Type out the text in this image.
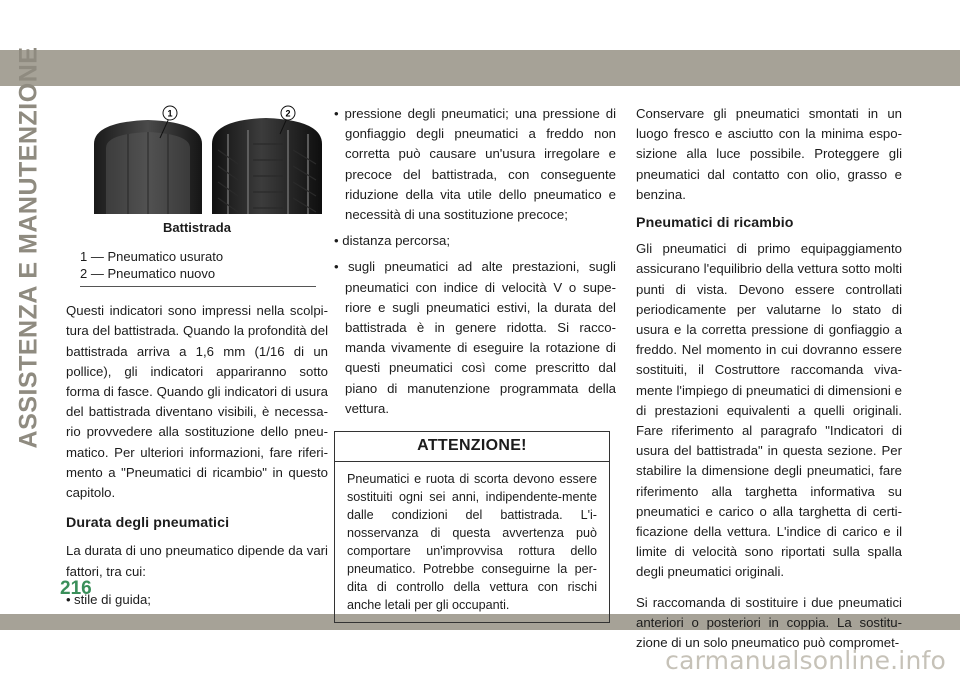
ASSISTENZA E MANUTENZIONE	1	2
Battistrada
1 — Pneumatico usurato
2 — Pneumatico nuovo

Questi indicatori sono impressi nella scolpi-tura del battistrada. Quando la profondità del battistrada arriva a 1,6 mm (1/16 di un pollice), gli indicatori appariranno sotto forma di fasce. Quando gli indicatori di usura del battistrada diventano visibili, è necessa-rio provvedere alla sostituzione dello pneu-matico. Per ulteriori informazioni, fare riferi-mento a "Pneumatici di ricambio" in questo capitolo.

Durata degli pneumatici

La durata di uno pneumatico dipende da vari fattori, tra cui:

• stile di guida;
• pressione degli pneumatici; una pressione di gonfiaggio degli pneumatici a freddo non corretta può causare un'usura irregolare e precoce del battistrada, con conseguente riduzione della vita utile dello pneumatico e necessità di una sostituzione precoce;
• distanza percorsa;
• sugli pneumatici ad alte prestazioni, sugli pneumatici con indice di velocità V o supe-riore e sugli pneumatici estivi, la durata del battistrada è in genere ridotta. Si racco-manda vivamente di eseguire la rotazione di questi pneumatici così come prescritto dal piano di manutenzione programmata della vettura.
ATTENZIONE!
Pneumatici e ruota di scorta devono essere sostituiti ogni sei anni, indipendente-mente dalle condizioni del battistrada. L'i-nosservanza di questa avvertenza può comportare un'improvvisa rottura dello pneumatico. Potrebbe conseguirne la per-dita di controllo della vettura con rischi anche letali per gli occupanti.

Conservare gli pneumatici smontati in un luogo fresco e asciutto con la minima espo-sizione alla luce possibile. Proteggere gli pneumatici dal contatto con olio, grasso e benzina.

Pneumatici di ricambio

Gli pneumatici di primo equipaggiamento assicurano l'equilibrio della vettura sotto molti punti di vista. Devono essere controllati periodicamente per valutarne lo stato di usura e la corretta pressione di gonfiaggio a freddo. Nel momento in cui dovranno essere sostituiti, il Costruttore raccomanda viva-mente l'impiego di pneumatici di dimensioni e di prestazioni equivalenti a quelli originali. Fare riferimento al paragrafo "Indicatori di usura del battistrada" in questa sezione. Per stabilire la dimensione degli pneumatici, fare riferimento alla targhetta informativa su pneumatici e carico o alla targhetta di certi-ficazione della vettura. L'indice di carico e il limite di velocità sono riportati sulla spalla degli pneumatici originali.

Si raccomanda di sostituire i due pneumatici anteriori o posteriori in coppia. La sostitu-zione di un solo pneumatico può compromet-

216
carmanualsonline.info
